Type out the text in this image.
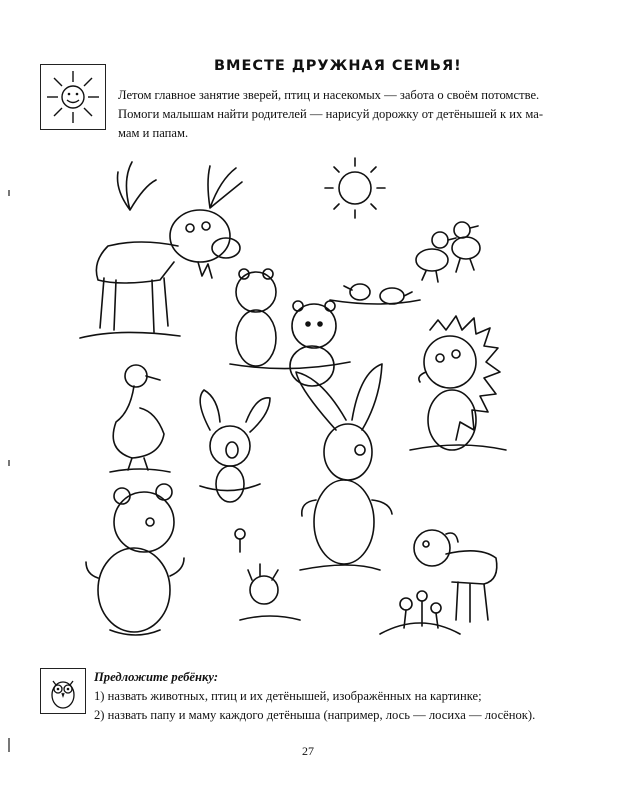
ВМЕСТЕ ДРУЖНАЯ СЕМЬЯ!

Летом главное занятие зверей, птиц и насекомых — забота о своём потомстве.

Помоги малышам найти родителей — нарисуй дорожку от детёнышей к их ма-

мам и папам.

Предложите ребёнку:

1) назвать животных, птиц и их детёнышей, изображённых на картинке;

2) назвать папу и маму каждого детёныша (например, лось — лосиха — лосёнок).

27
